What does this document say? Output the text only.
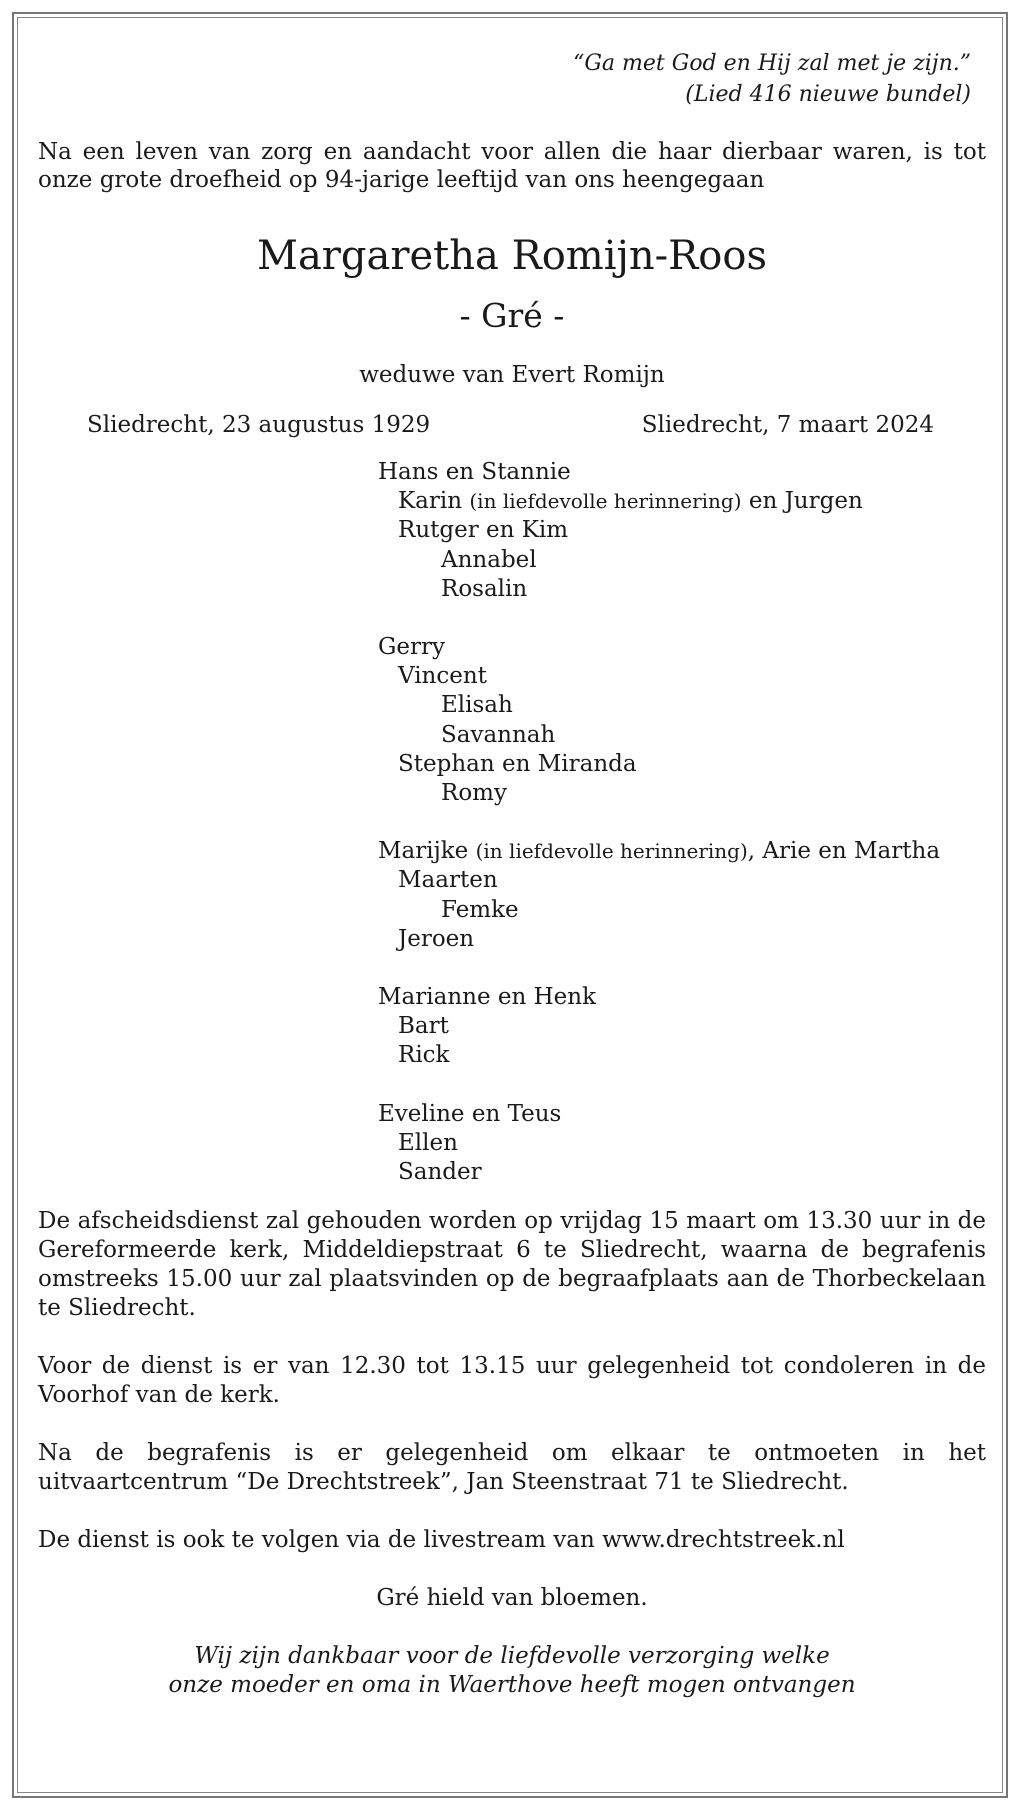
“Ga met God en Hij zal met je zijn.”
(Lied 416 nieuwe bundel)
Na een leven van zorg en aandacht voor allen die haar dierbaar waren, is tot onze grote droefheid op 94-jarige leeftijd van ons heengegaan
Margaretha Romijn-Roos
- Gré -
weduwe van Evert Romijn
Sliedrecht, 23 augustus 1929	Sliedrecht, 7 maart 2024
Hans en Stannie
Karin (in liefdevolle herinnering) en Jurgen
Rutger en Kim
Annabel
Rosalin
Gerry
Vincent
Elisah
Savannah
Stephan en Miranda
Romy
Marijke (in liefdevolle herinnering), Arie en Martha
Maarten
Femke
Jeroen
Marianne en Henk
Bart
Rick
Eveline en Teus
Ellen
Sander
De afscheidsdienst zal gehouden worden op vrijdag 15 maart om 13.30 uur in de Gereformeerde kerk, Middeldiepstraat 6 te Sliedrecht, waarna de begrafenis omstreeks 15.00 uur zal plaatsvinden op de begraafplaats aan de Thorbeckelaan te Sliedrecht.
Voor de dienst is er van 12.30 tot 13.15 uur gelegenheid tot condoleren in de Voorhof van de kerk.
Na de begrafenis is er gelegenheid om elkaar te ontmoeten in het uitvaartcentrum “De Drechtstreek”, Jan Steenstraat 71 te Sliedrecht.
De dienst is ook te volgen via de livestream van www.drechtstreek.nl
Gré hield van bloemen.
Wij zijn dankbaar voor de liefdevolle verzorging welke
onze moeder en oma in Waerthove heeft mogen ontvangen
